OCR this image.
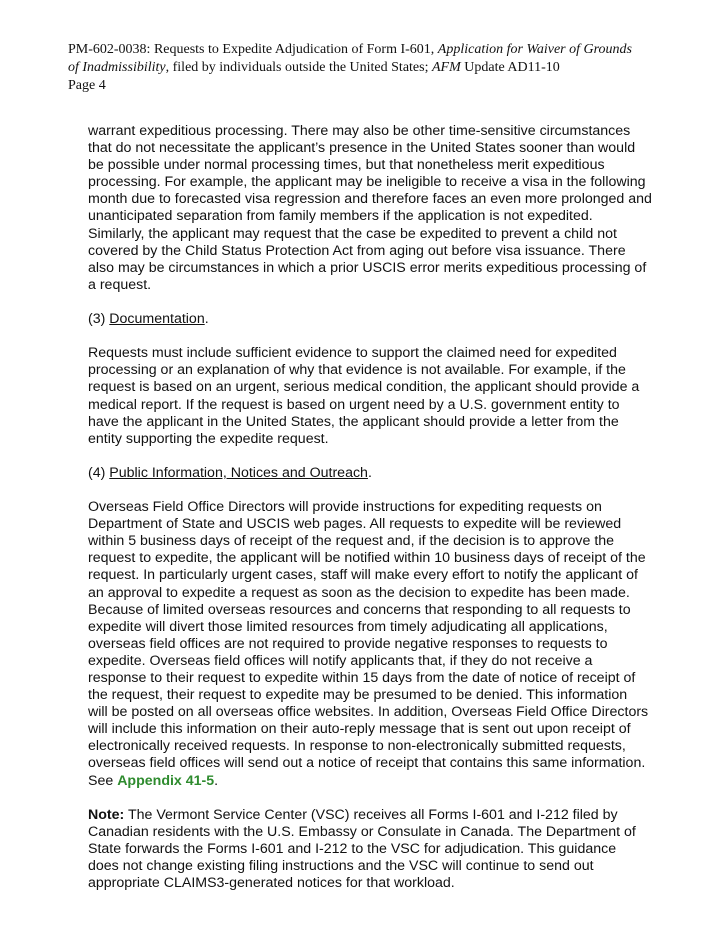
PM-602-0038: Requests to Expedite Adjudication of Form I-601, Application for Waiver of Grounds
of Inadmissibility, filed by individuals outside the United States; AFM Update AD11-10
Page 4

warrant expeditious processing. There may also be other time-sensitive circumstances
that do not necessitate the applicant’s presence in the United States sooner than would
be possible under normal processing times, but that nonetheless merit expeditious
processing. For example, the applicant may be ineligible to receive a visa in the following
month due to forecasted visa regression and therefore faces an even more prolonged and
unanticipated separation from family members if the application is not expedited.
Similarly, the applicant may request that the case be expedited to prevent a child not
covered by the Child Status Protection Act from aging out before visa issuance. There
also may be circumstances in which a prior USCIS error merits expeditious processing of
a request.

(3) Documentation.

Requests must include sufficient evidence to support the claimed need for expedited
processing or an explanation of why that evidence is not available. For example, if the
request is based on an urgent, serious medical condition, the applicant should provide a
medical report. If the request is based on urgent need by a U.S. government entity to
have the applicant in the United States, the applicant should provide a letter from the
entity supporting the expedite request.

(4) Public Information, Notices and Outreach.

Overseas Field Office Directors will provide instructions for expediting requests on
Department of State and USCIS web pages. All requests to expedite will be reviewed
within 5 business days of receipt of the request and, if the decision is to approve the
request to expedite, the applicant will be notified within 10 business days of receipt of the
request. In particularly urgent cases, staff will make every effort to notify the applicant of
an approval to expedite a request as soon as the decision to expedite has been made.
Because of limited overseas resources and concerns that responding to all requests to
expedite will divert those limited resources from timely adjudicating all applications,
overseas field offices are not required to provide negative responses to requests to
expedite. Overseas field offices will notify applicants that, if they do not receive a
response to their request to expedite within 15 days from the date of notice of receipt of
the request, their request to expedite may be presumed to be denied. This information
will be posted on all overseas office websites. In addition, Overseas Field Office Directors
will include this information on their auto-reply message that is sent out upon receipt of
electronically received requests. In response to non-electronically submitted requests,
overseas field offices will send out a notice of receipt that contains this same information.
See Appendix 41-5.

Note: The Vermont Service Center (VSC) receives all Forms I-601 and I-212 filed by
Canadian residents with the U.S. Embassy or Consulate in Canada. The Department of
State forwards the Forms I-601 and I-212 to the VSC for adjudication. This guidance
does not change existing filing instructions and the VSC will continue to send out
appropriate CLAIMS3-generated notices for that workload.
